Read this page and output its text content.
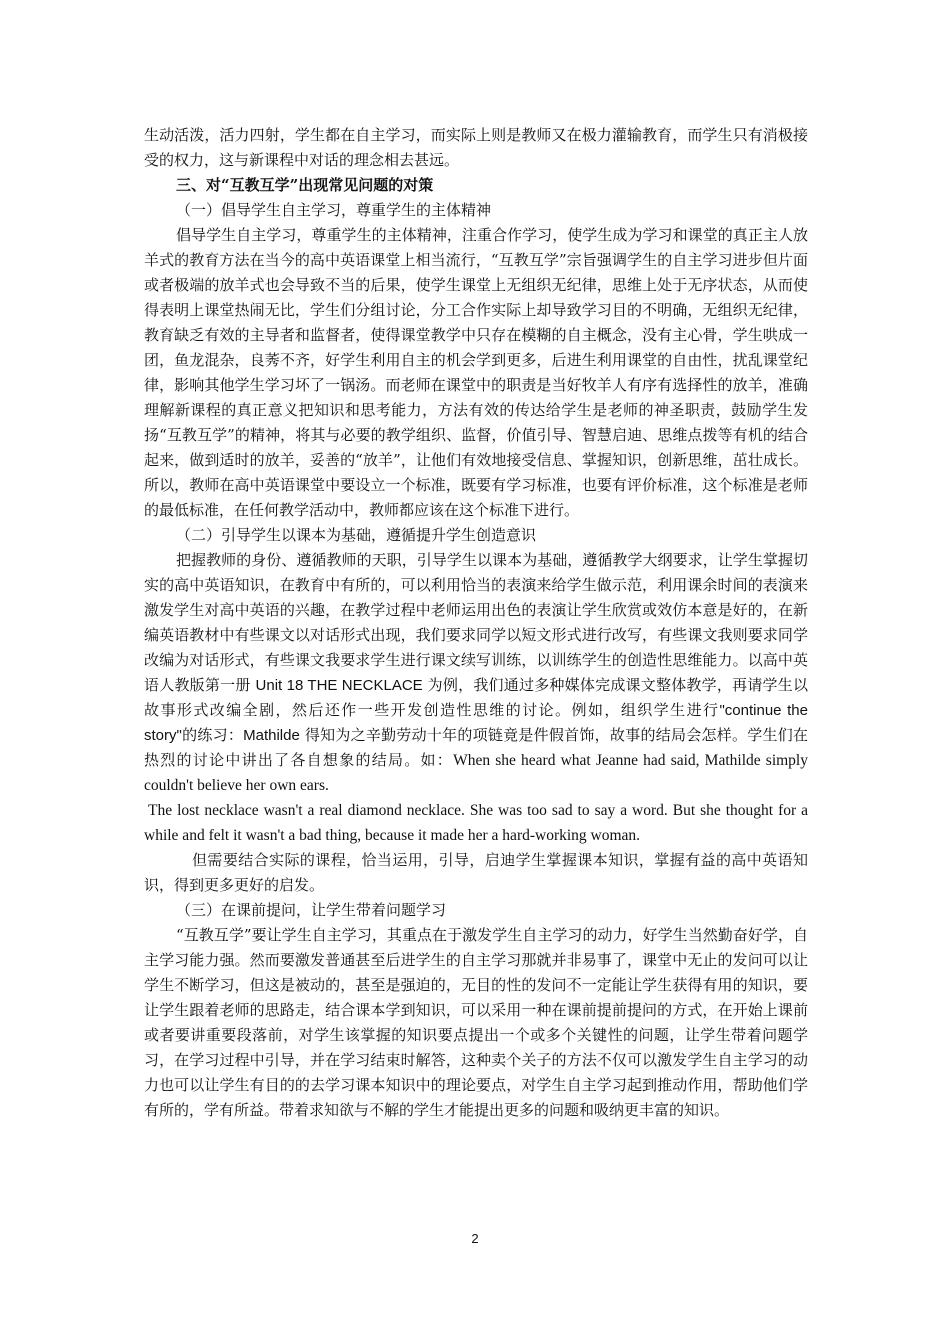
生动活泼，活力四射，学生都在自主学习，而实际上则是教师又在极力灌输教育，而学生只有消极接受的权力，这与新课程中对话的理念相去甚远。

三、对“互教互学”出现常见问题的对策

（一）倡导学生自主学习，尊重学生的主体精神

倡导学生自主学习，尊重学生的主体精神，注重合作学习，使学生成为学习和课堂的真正主人放羊式的教育方法在当今的高中英语课堂上相当流行，“互教互学”宗旨强调学生的自主学习进步但片面或者极端的放羊式也会导致不当的后果，使学生课堂上无组织无纪律，思维上处于无序状态，从而使得表明上课堂热闹无比，学生们分组讨论，分工合作实际上却导致学习目的不明确，无组织无纪律，教育缺乏有效的主导者和监督者，使得课堂教学中只存在模糊的自主概念，没有主心骨，学生哄成一团，鱼龙混杂，良莠不齐，好学生利用自主的机会学到更多，后进生利用课堂的自由性，扰乱课堂纪律，影响其他学生学习坏了一锅汤。而老师在课堂中的职责是当好牧羊人有序有选择性的放羊，准确理解新课程的真正意义把知识和思考能力，方法有效的传达给学生是老师的神圣职责，鼓励学生发扬“互教互学”的精神，将其与必要的教学组织、监督，价值引导、智慧启迪、思维点拨等有机的结合起来，做到适时的放羊，妥善的“放羊”，让他们有效地接受信息、掌握知识，创新思维，茁壮成长。所以，教师在高中英语课堂中要设立一个标准，既要有学习标准，也要有评价标准，这个标准是老师的最低标准，在任何教学活动中，教师都应该在这个标准下进行。

（二）引导学生以课本为基础，遵循提升学生创造意识

把握教师的身份、遵循教师的天职，引导学生以课本为基础，遵循教学大纲要求，让学生掌握切实的高中英语知识，在教育中有所的，可以利用恰当的表演来给学生做示范，利用课余时间的表演来激发学生对高中英语的兴趣，在教学过程中老师运用出色的表演让学生欣赏或效仿本意是好的，在新编英语教材中有些课文以对话形式出现，我们要求同学以短文形式进行改写，有些课文我则要求同学改编为对话形式，有些课文我要求学生进行课文续写训练，以训练学生的创造性思维能力。以高中英语人教版第一册 Unit 18 THE NECKLACE 为例，我们通过多种媒体完成课文整体教学，再请学生以故事形式改编全剧，然后还作一些开发创造性思维的讨论。例如，组织学生进行"continue the story"的练习：Mathilde 得知为之辛勤劳动十年的项链竟是件假首饰，故事的结局会怎样。学生们在热烈的讨论中讲出了各自想象的结局。如：When she heard what Jeanne had said, Mathilde simply couldn't believe her own ears.

The lost necklace wasn't a real diamond necklace. She was too sad to say a word. But she thought for a while and felt it wasn't a bad thing, because it made her a hard-working woman.

但需要结合实际的课程，恰当运用，引导，启迪学生掌握课本知识，掌握有益的高中英语知识，得到更多更好的启发。

（三）在课前提问，让学生带着问题学习

“互教互学”要让学生自主学习，其重点在于激发学生自主学习的动力，好学生当然勤奋好学，自主学习能力强。然而要激发普通甚至后进学生的自主学习那就并非易事了，课堂中无止的发问可以让学生不断学习，但这是被动的，甚至是强迫的，无目的性的发问不一定能让学生获得有用的知识，要让学生跟着老师的思路走，结合课本学到知识，可以采用一种在课前提前提问的方式，在开始上课前或者要讲重要段落前，对学生该掌握的知识要点提出一个或多个关键性的问题，让学生带着问题学习，在学习过程中引导，并在学习结束时解答，这种卖个关子的方法不仅可以激发学生自主学习的动力也可以让学生有目的的去学习课本知识中的理论要点，对学生自主学习起到推动作用，帮助他们学有所的，学有所益。带着求知欲与不解的学生才能提出更多的问题和吸纳更丰富的知识。

2
